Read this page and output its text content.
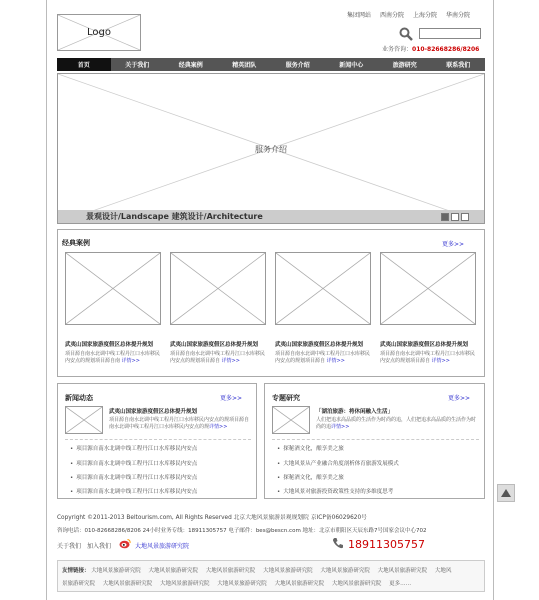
Logo
集团网站 西南分院 上海分院 华南分院
业务咨询：010-82668286/8206
首页	关于我们	经典案例	精英团队	服务介绍	新闻中心	旅游研究	联系我们
服务介绍
景观设计/Landscape 建筑设计/Architecture
经典案例	更多>>
武夷山国家旅游度假区总体提升规划	武夷山国家旅游度假区总体提升规划	武夷山国家旅游度假区总体提升规划	武夷山国家旅游度假区总体提升规划
项目源自南水北调中线工程丹江口水库移民内安点的规划项目源自南 详情>>
项目源自南水北调中线工程丹江口水库移民内安点的规划项目源自 详情>>
项目源自南水北调中线工程丹江口水库移民内安点的规划项目源自 详情>>
项目源自南水北调中线工程丹江口水库移民内安点的规划项目源自 详情>>
新闻动态	更多>>
武夷山国家旅游度假区总体提升规划
项目源自南水北调中线工程丹江口水库移民内安点的规项目源自南水北调中线工程丹江口水库移民内安点的规详情>>
• 项目源自南水北调中线工程丹江口水库移民内安点
• 项目源自南水北调中线工程丹江口水库移民内安点
• 项目源自南水北调中线工程丹江口水库移民内安点
• 项目源自南水北调中线工程丹江口水库移民内安点
专题研究	更多>>
「湖泊旅游：将休闲融入生活」
人们把追求高品质的生活作为时尚的追，人们把追求高品质的生活作为时尚的追详情>>
• 探秘酒文化，酿享美之旅
• 大地风景从产业融合角度剖析体育旅游发展模式
• 探秘酒文化，酿享美之旅
• 大地风景对旅游投资政策性支持的多维度思考
Copyright ©2011-2013 Beltourism.com, All Rights Reserved 北京大地风景旅游景观规划院 京ICP备06029620号
咨询电话：010-82668286/8206 24小时业务专线：18911305757 电子邮件：bes@bescn.com 地址：北京市朝阳区天辰东路7号国家会议中心702
关于我们 加入我们	大地风景旅游研究院	18911305757
友情链接： 大地风景旅游研究院 大地风景旅游研究院 大地风景旅游研究院 大地风景旅游研究院 大地风景旅游研究院 大地风景旅游研究院 大地风
景旅游研究院 大地风景旅游研究院 大地风景旅游研究院 大地风景旅游研究院 大地风景旅游研究院 大地风景旅游研究院 更多……
